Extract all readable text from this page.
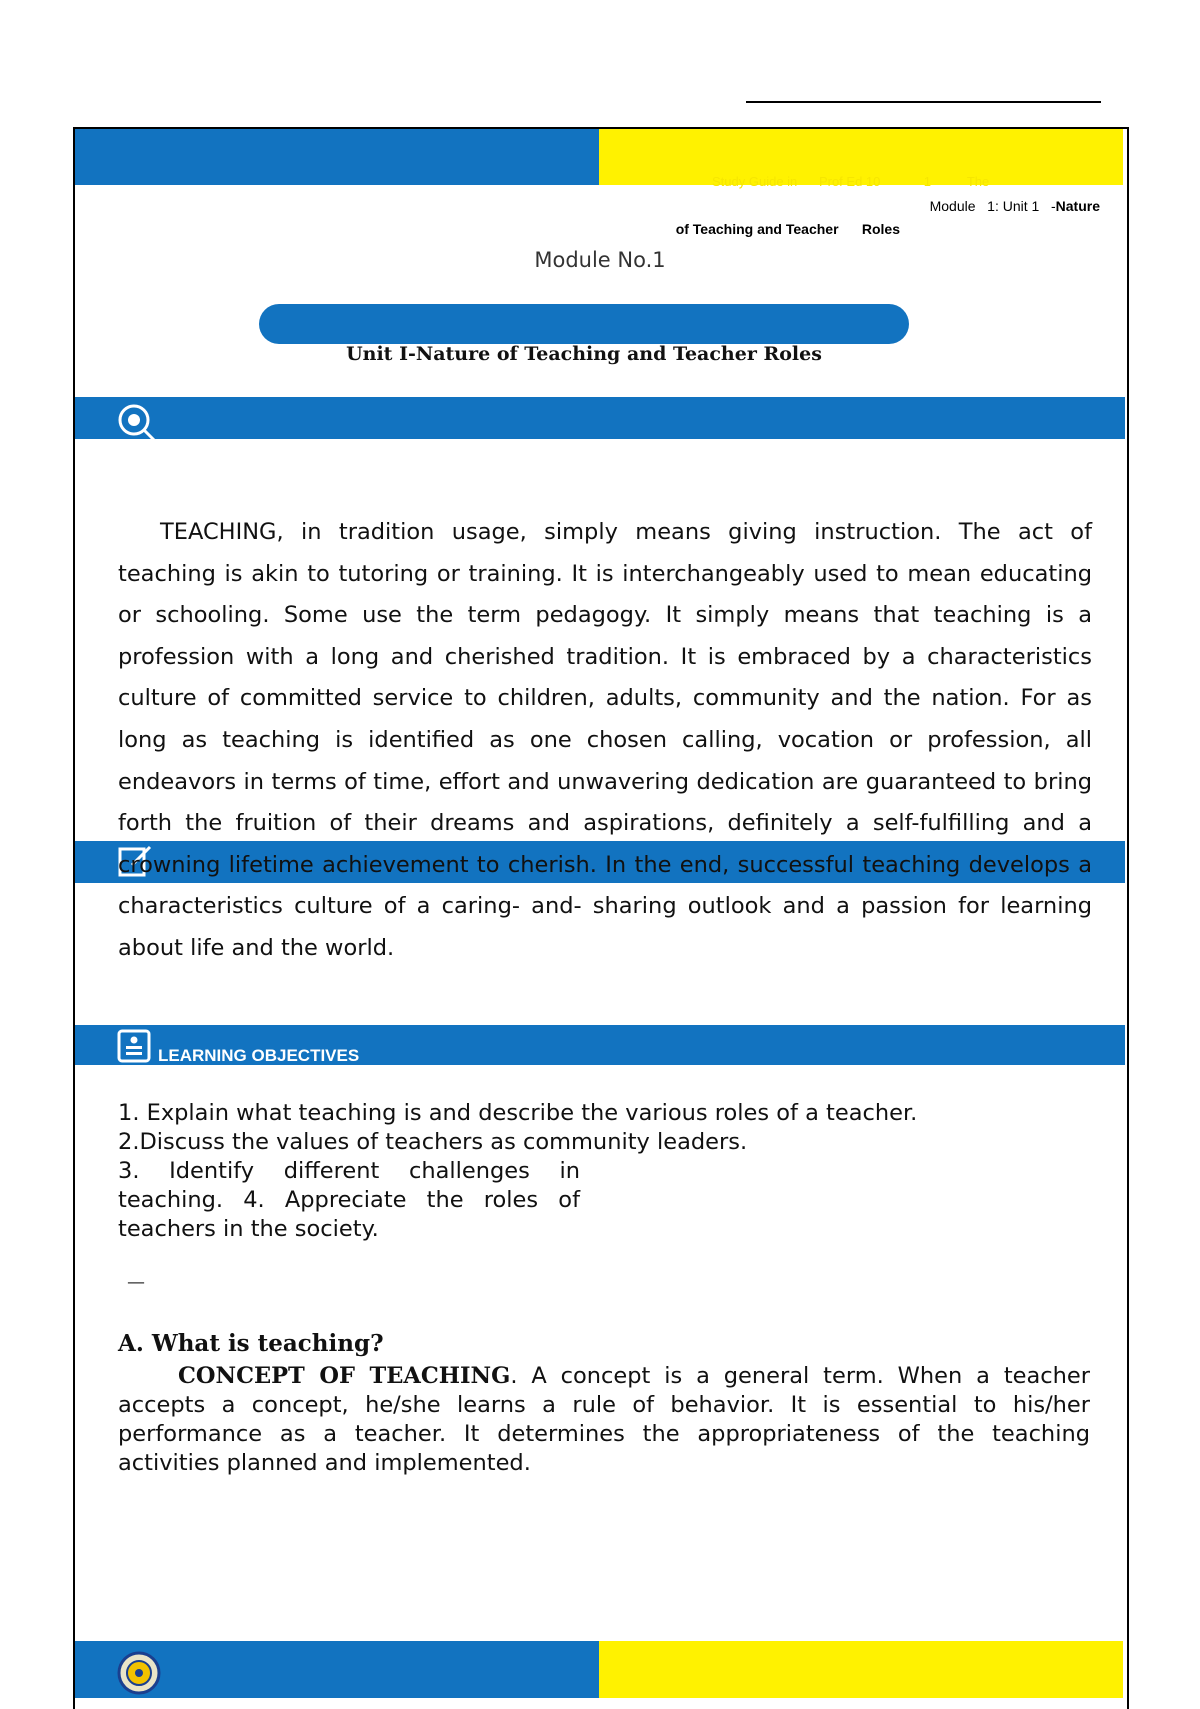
Study Guide in      Prof Ed 10            1          The
Module   1: Unit 1   -Nature
of Teaching and Teacher      Roles
Module No.1
Unit I-Nature of Teaching and Teacher Roles
TEACHING, in tradition usage, simply means giving instruction. The act of teaching is akin to tutoring or training. It is interchangeably used to mean educating or schooling. Some use the term pedagogy. It simply means that teaching is a profession with a long and cherished tradition. It is embraced by a characteristics culture of committed service to children, adults, community and the nation. For as long as teaching is identified as one chosen calling, vocation or profession, all endeavors in terms of time, effort and unwavering dedication are guaranteed to bring forth the fruition of their dreams and aspirations, definitely a self-fulfilling and a crowning lifetime achievement to cherish. In the end, successful teaching develops a characteristics culture of a caring- and- sharing outlook and a passion for learning about life and the world.
LEARNING OBJECTIVES
1. Explain what teaching is and describe the various roles of a teacher.
2.Discuss the values of teachers as community leaders.
3. Identify different challenges in teaching. 4. Appreciate the roles of teachers in the society.
—
A. What is teaching?
CONCEPT OF TEACHING. A concept is a general term. When a teacher accepts a concept, he/she learns a rule of behavior. It is essential to his/her performance as a teacher. It determines the appropriateness of the teaching activities planned and implemented.
